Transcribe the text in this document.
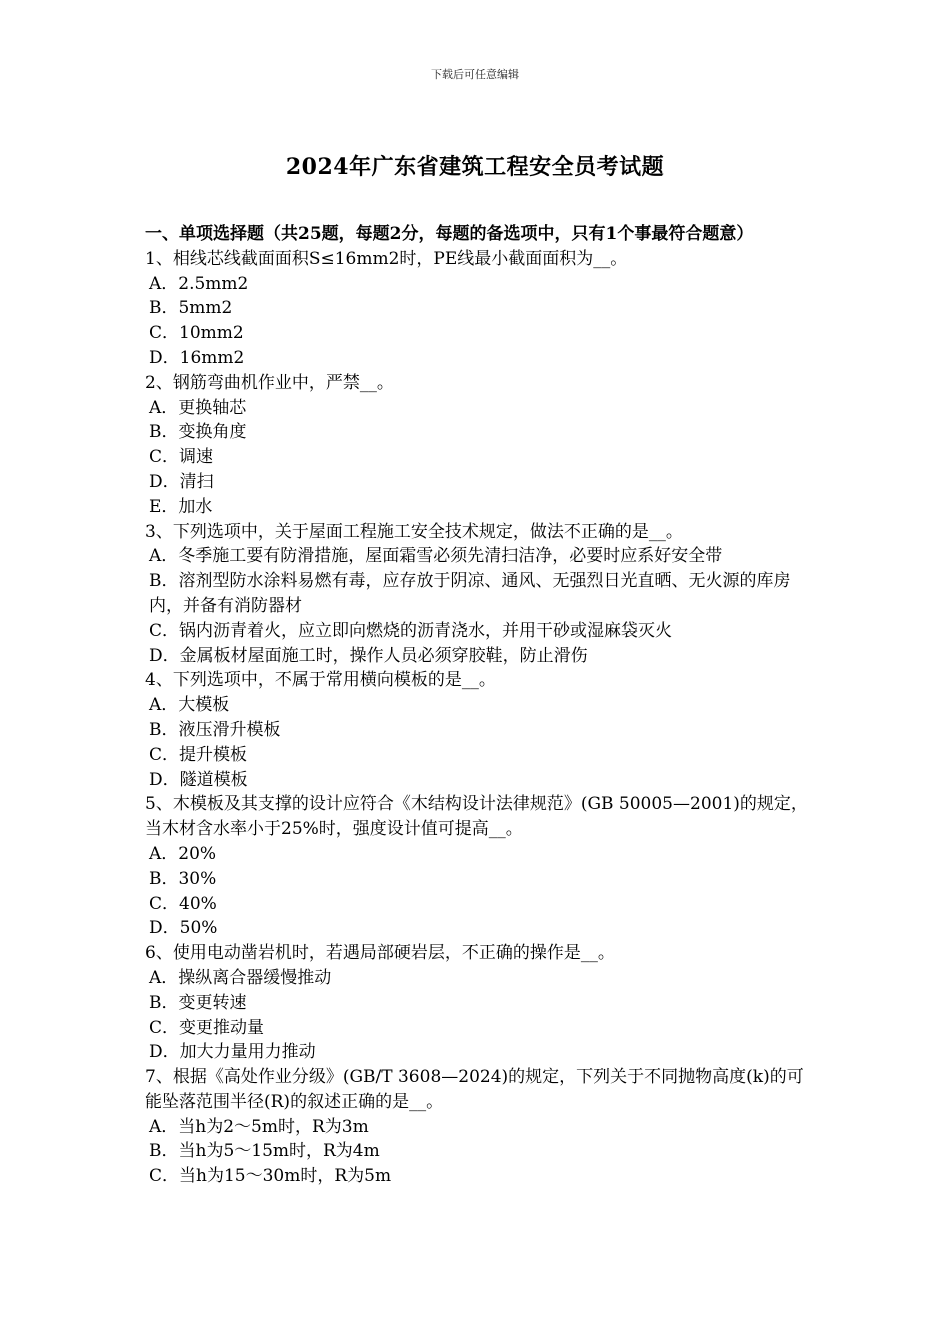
下载后可任意编辑
2024年广东省建筑工程安全员考试题
一、单项选择题（共25题，每题2分，每题的备选项中，只有1个事最符合题意）
1、相线芯线截面面积S≤16mm2时，PE线最小截面面积为__。
A．2.5mm2
B．5mm2
C．10mm2
D．16mm2
2、钢筋弯曲机作业中，严禁__。
A．更换轴芯
B．变换角度
C．调速
D．清扫
E．加水
3、下列选项中，关于屋面工程施工安全技术规定，做法不正确的是__。
A．冬季施工要有防滑措施，屋面霜雪必须先清扫洁净，必要时应系好安全带
B．溶剂型防水涂料易燃有毒，应存放于阴凉、通风、无强烈日光直晒、无火源的库房内，并备有消防器材
C．锅内沥青着火，应立即向燃烧的沥青浇水，并用干砂或湿麻袋灭火
D．金属板材屋面施工时，操作人员必须穿胶鞋，防止滑伤
4、下列选项中，不属于常用横向模板的是__。
A．大模板
B．液压滑升模板
C．提升模板
D．隧道模板
5、木模板及其支撑的设计应符合《木结构设计法律规范》(GB 50005—2001)的规定，当木材含水率小于25%时，强度设计值可提高__。
A．20%
B．30%
C．40%
D．50%
6、使用电动凿岩机时，若遇局部硬岩层，不正确的操作是__。
A．操纵离合器缓慢推动
B．变更转速
C．变更推动量
D．加大力量用力推动
7、根据《高处作业分级》(GB/T 3608—2024)的规定，下列关于不同抛物高度(k)的可能坠落范围半径(R)的叙述正确的是__。
A．当h为2～5m时，R为3m
B．当h为5～15m时，R为4m
C．当h为15～30m时，R为5m
